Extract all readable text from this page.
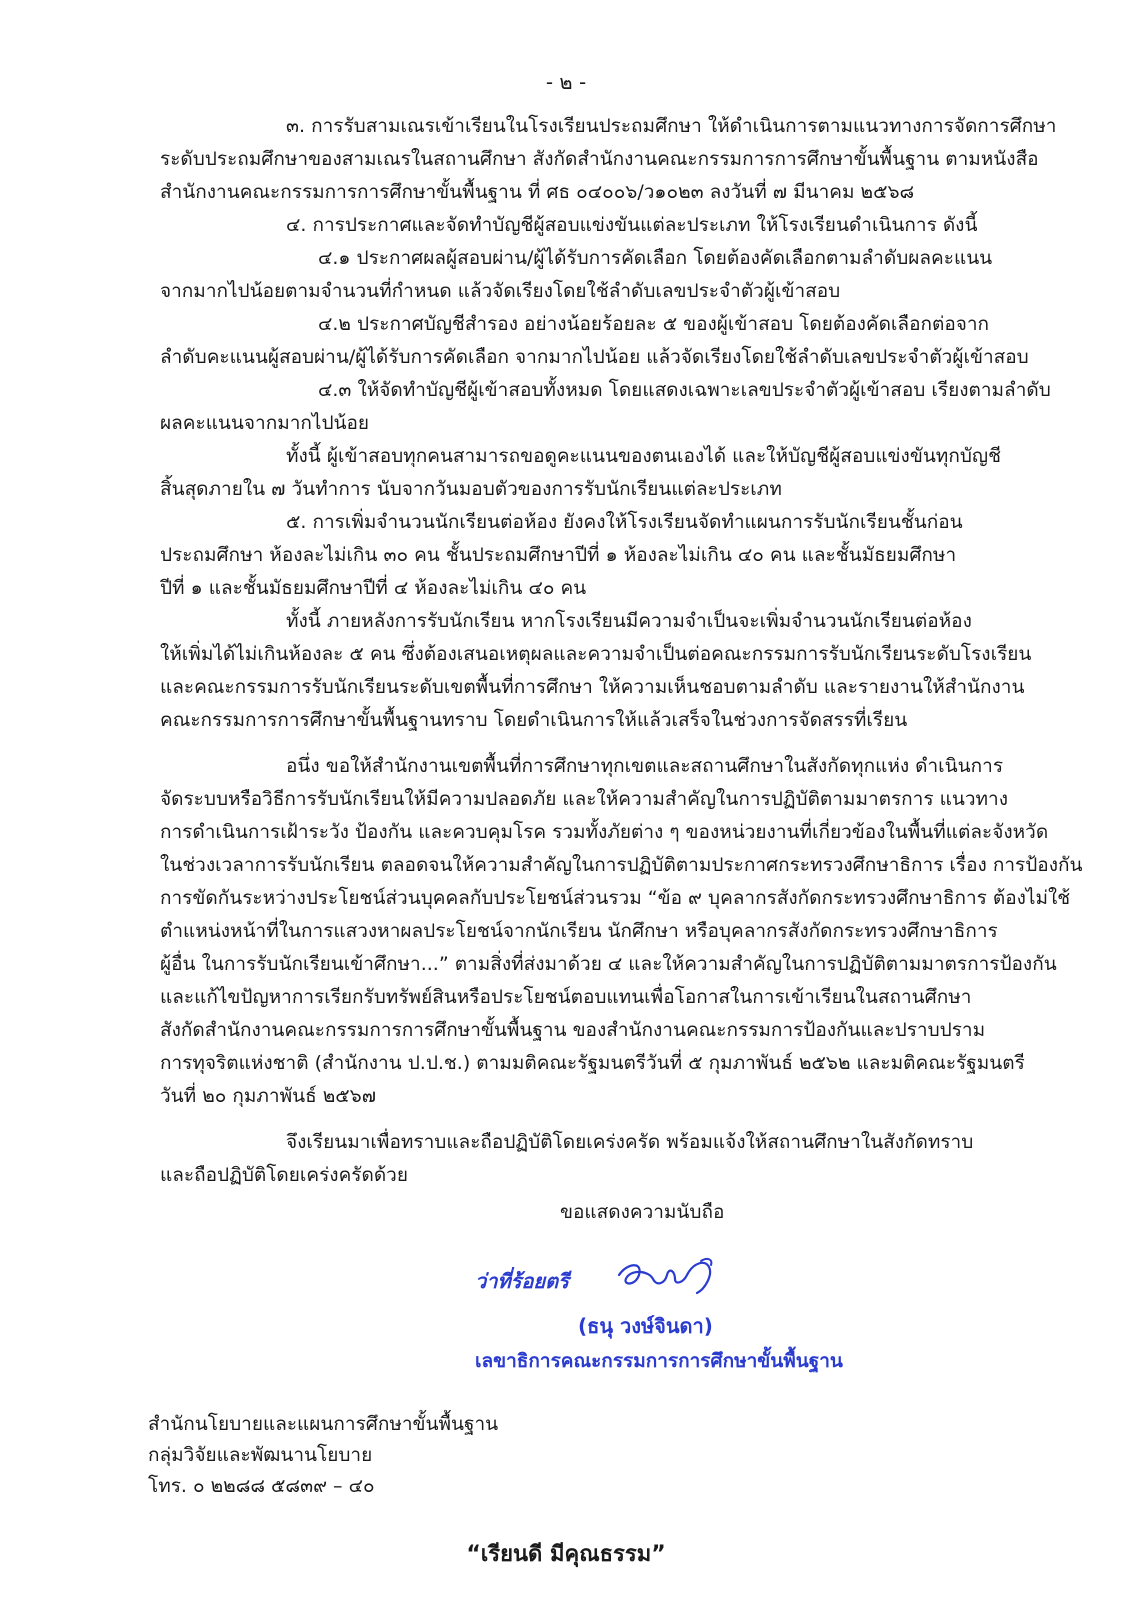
- ๒ -
๓. การรับสามเณรเข้าเรียนในโรงเรียนประถมศึกษา ให้ดำเนินการตามแนวทางการจัดการศึกษา
ระดับประถมศึกษาของสามเณรในสถานศึกษา สังกัดสำนักงานคณะกรรมการการศึกษาขั้นพื้นฐาน ตามหนังสือ
สำนักงานคณะกรรมการการศึกษาขั้นพื้นฐาน ที่ ศธ ๐๔๐๐๖/ว๑๐๒๓ ลงวันที่ ๗ มีนาคม ๒๕๖๘
๔. การประกาศและจัดทำบัญชีผู้สอบแข่งขันแต่ละประเภท ให้โรงเรียนดำเนินการ ดังนี้
๔.๑ ประกาศผลผู้สอบผ่าน/ผู้ได้รับการคัดเลือก โดยต้องคัดเลือกตามลำดับผลคะแนน
จากมากไปน้อยตามจำนวนที่กำหนด แล้วจัดเรียงโดยใช้ลำดับเลขประจำตัวผู้เข้าสอบ
๔.๒ ประกาศบัญชีสำรอง อย่างน้อยร้อยละ ๕ ของผู้เข้าสอบ โดยต้องคัดเลือกต่อจาก
ลำดับคะแนนผู้สอบผ่าน/ผู้ได้รับการคัดเลือก จากมากไปน้อย แล้วจัดเรียงโดยใช้ลำดับเลขประจำตัวผู้เข้าสอบ
๔.๓ ให้จัดทำบัญชีผู้เข้าสอบทั้งหมด โดยแสดงเฉพาะเลขประจำตัวผู้เข้าสอบ เรียงตามลำดับ
ผลคะแนนจากมากไปน้อย
ทั้งนี้ ผู้เข้าสอบทุกคนสามารถขอดูคะแนนของตนเองได้ และให้บัญชีผู้สอบแข่งขันทุกบัญชี
สิ้นสุดภายใน ๗ วันทำการ นับจากวันมอบตัวของการรับนักเรียนแต่ละประเภท
๕. การเพิ่มจำนวนนักเรียนต่อห้อง ยังคงให้โรงเรียนจัดทำแผนการรับนักเรียนชั้นก่อน
ประถมศึกษา ห้องละไม่เกิน ๓๐ คน ชั้นประถมศึกษาปีที่ ๑ ห้องละไม่เกิน ๔๐ คน และชั้นมัธยมศึกษา
ปีที่ ๑ และชั้นมัธยมศึกษาปีที่ ๔ ห้องละไม่เกิน ๔๐ คน
ทั้งนี้ ภายหลังการรับนักเรียน หากโรงเรียนมีความจำเป็นจะเพิ่มจำนวนนักเรียนต่อห้อง
ให้เพิ่มได้ไม่เกินห้องละ ๕ คน ซึ่งต้องเสนอเหตุผลและความจำเป็นต่อคณะกรรมการรับนักเรียนระดับโรงเรียน
และคณะกรรมการรับนักเรียนระดับเขตพื้นที่การศึกษา ให้ความเห็นชอบตามลำดับ และรายงานให้สำนักงาน
คณะกรรมการการศึกษาขั้นพื้นฐานทราบ โดยดำเนินการให้แล้วเสร็จในช่วงการจัดสรรที่เรียน
อนึ่ง ขอให้สำนักงานเขตพื้นที่การศึกษาทุกเขตและสถานศึกษาในสังกัดทุกแห่ง ดำเนินการ
จัดระบบหรือวิธีการรับนักเรียนให้มีความปลอดภัย และให้ความสำคัญในการปฏิบัติตามมาตรการ แนวทาง
การดำเนินการเฝ้าระวัง ป้องกัน และควบคุมโรค รวมทั้งภัยต่าง ๆ ของหน่วยงานที่เกี่ยวข้องในพื้นที่แต่ละจังหวัด
ในช่วงเวลาการรับนักเรียน ตลอดจนให้ความสำคัญในการปฏิบัติตามประกาศกระทรวงศึกษาธิการ เรื่อง การป้องกัน
การขัดกันระหว่างประโยชน์ส่วนบุคคลกับประโยชน์ส่วนรวม “ข้อ ๙ บุคลากรสังกัดกระทรวงศึกษาธิการ ต้องไม่ใช้
ตำแหน่งหน้าที่ในการแสวงหาผลประโยชน์จากนักเรียน นักศึกษา หรือบุคลากรสังกัดกระทรวงศึกษาธิการ
ผู้อื่น ในการรับนักเรียนเข้าศึกษา...” ตามสิ่งที่ส่งมาด้วย ๔ และให้ความสำคัญในการปฏิบัติตามมาตรการป้องกัน
และแก้ไขปัญหาการเรียกรับทรัพย์สินหรือประโยชน์ตอบแทนเพื่อโอกาสในการเข้าเรียนในสถานศึกษา
สังกัดสำนักงานคณะกรรมการการศึกษาขั้นพื้นฐาน ของสำนักงานคณะกรรมการป้องกันและปราบปราม
การทุจริตแห่งชาติ (สำนักงาน ป.ป.ช.) ตามมติคณะรัฐมนตรีวันที่ ๕ กุมภาพันธ์ ๒๕๖๒ และมติคณะรัฐมนตรี
วันที่ ๒๐ กุมภาพันธ์ ๒๕๖๗
จึงเรียนมาเพื่อทราบและถือปฏิบัติโดยเคร่งครัด พร้อมแจ้งให้สถานศึกษาในสังกัดทราบ
และถือปฏิบัติโดยเคร่งครัดด้วย
ขอแสดงความนับถือ
ว่าที่ร้อยตรี
(ธนุ วงษ์จินดา)
เลขาธิการคณะกรรมการการศึกษาขั้นพื้นฐาน
สำนักนโยบายและแผนการศึกษาขั้นพื้นฐาน
กลุ่มวิจัยและพัฒนานโยบาย
โทร. ๐ ๒๒๘๘ ๕๘๓๙ – ๔๐
“เรียนดี มีคุณธรรม”
